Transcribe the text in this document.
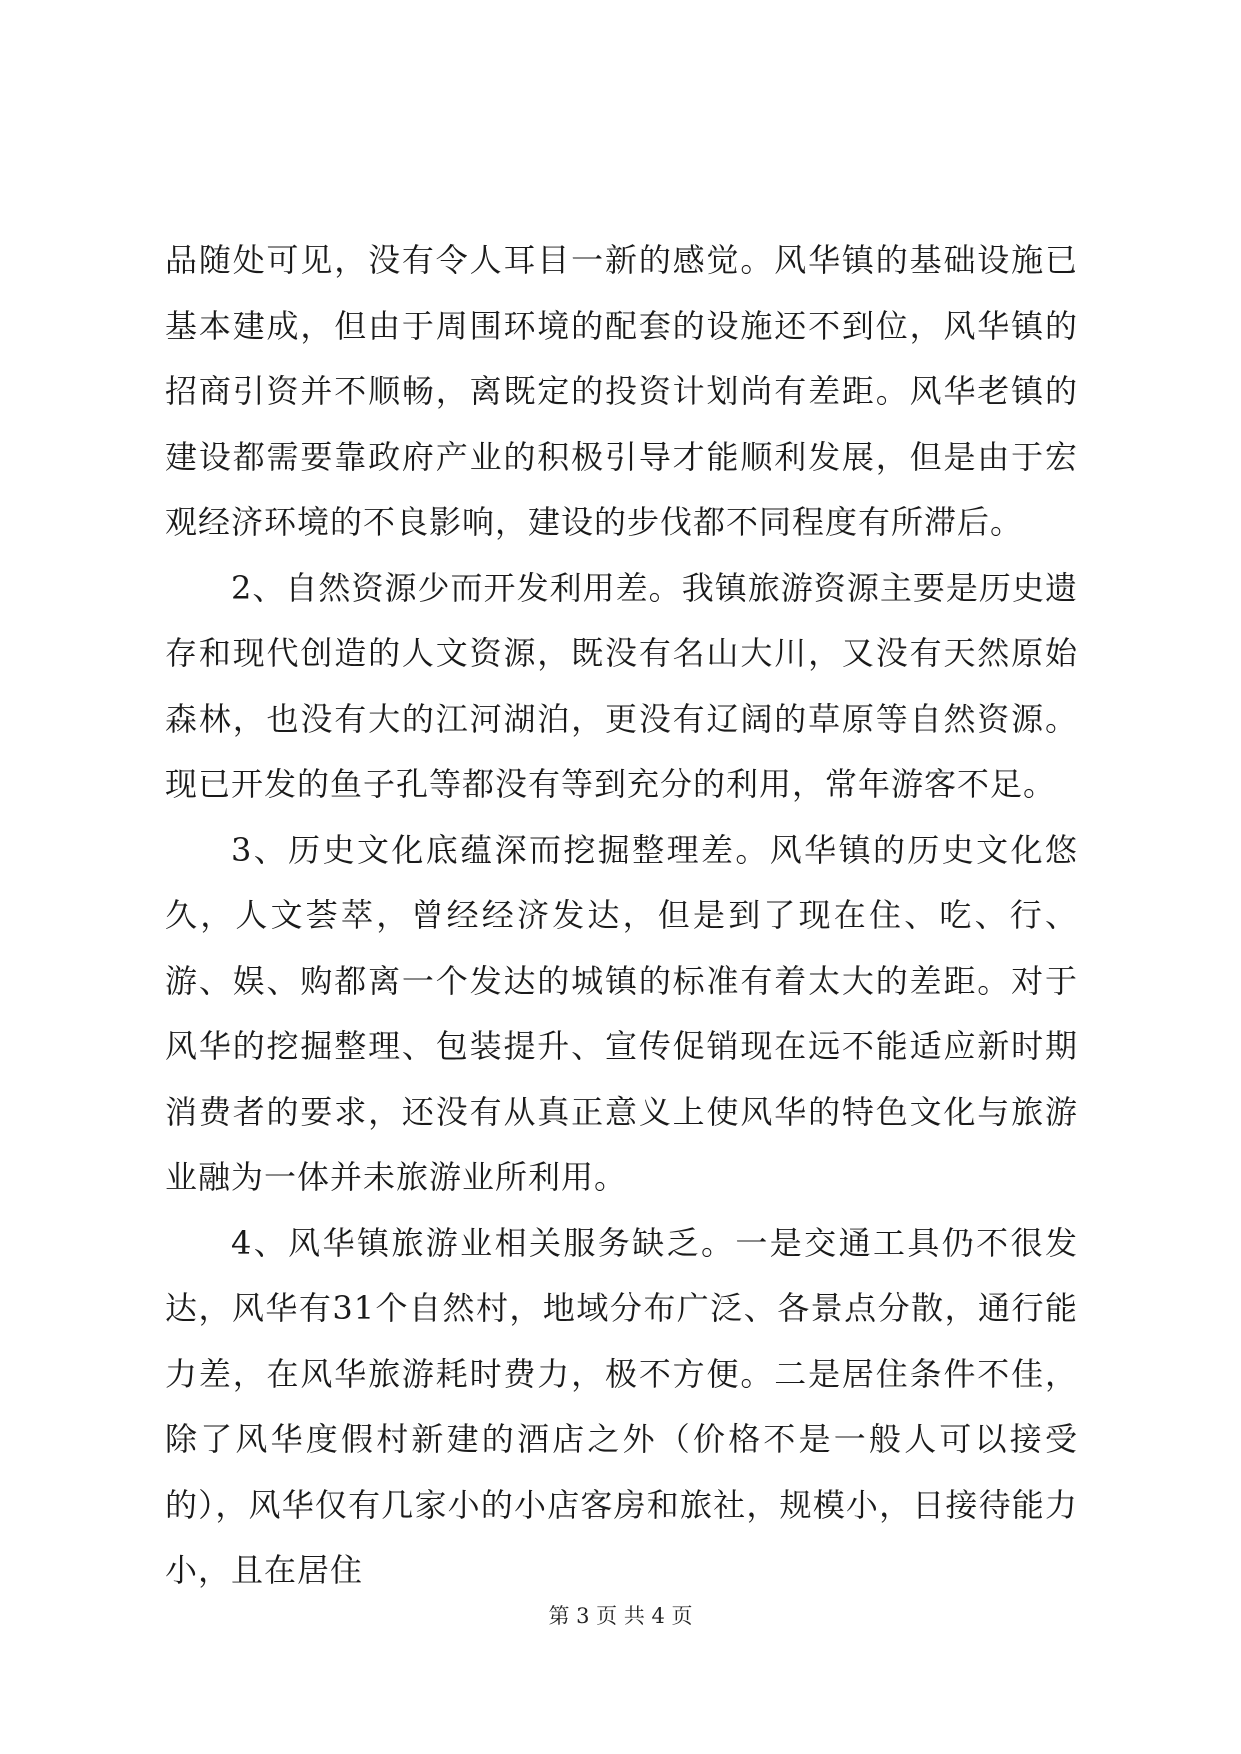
品随处可见，没有令人耳目一新的感觉。风华镇的基础设施已基本建成，但由于周围环境的配套的设施还不到位，风华镇的招商引资并不顺畅，离既定的投资计划尚有差距。风华老镇的建设都需要靠政府产业的积极引导才能顺利发展，但是由于宏观经济环境的不良影响，建设的步伐都不同程度有所滞后。

2、自然资源少而开发利用差。我镇旅游资源主要是历史遗存和现代创造的人文资源，既没有名山大川，又没有天然原始森林，也没有大的江河湖泊，更没有辽阔的草原等自然资源。现已开发的鱼子孔等都没有等到充分的利用，常年游客不足。

3、历史文化底蕴深而挖掘整理差。风华镇的历史文化悠久，人文荟萃，曾经经济发达，但是到了现在住、吃、行、游、娱、购都离一个发达的城镇的标准有着太大的差距。对于风华的挖掘整理、包装提升、宣传促销现在远不能适应新时期消费者的要求，还没有从真正意义上使风华的特色文化与旅游业融为一体并未旅游业所利用。

4、风华镇旅游业相关服务缺乏。一是交通工具仍不很发达，风华有31个自然村，地域分布广泛、各景点分散，通行能力差，在风华旅游耗时费力，极不方便。二是居住条件不佳，除了风华度假村新建的酒店之外（价格不是一般人可以接受的），风华仅有几家小的小店客房和旅社，规模小，日接待能力小，且在居住

第 3 页 共 4 页
